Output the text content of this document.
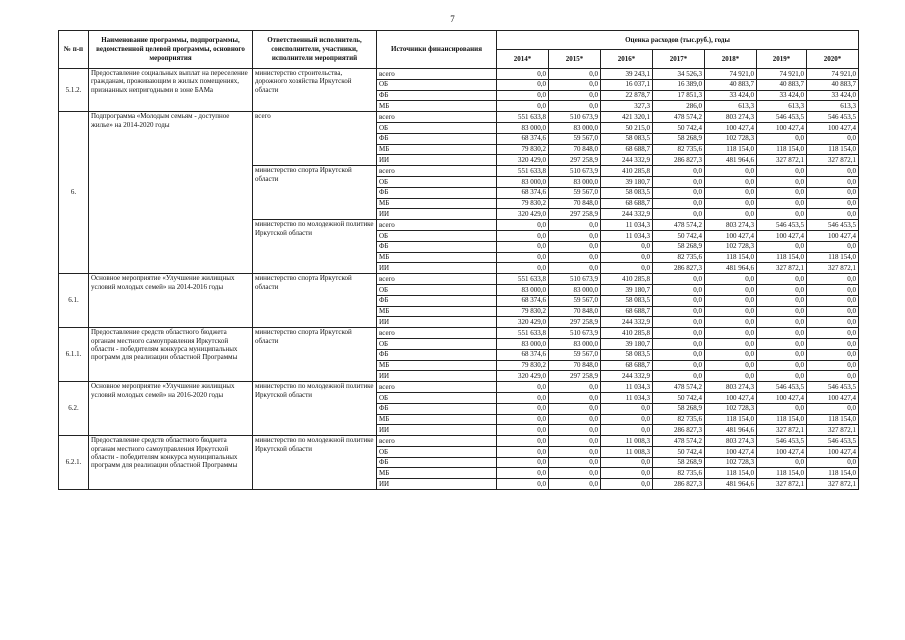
7
№ п-п	Наименование программы, подпрограммы, ведомственной целевой программы, основного мероприятия	Ответственный исполнитель, соисполнители, участники, исполнители мероприятий	Источники финансирования	Оценка расходов (тыс.руб.), годы						
				2014*	2015*	2016*	2017*	2018*	2019*	2020*
5.1.2.	Предоставление социальных выплат на переселение гражданам, проживающим в жилых помещениях, признанных непригодными в зоне БАМа	министерство строительства, дорожного хозяйства Иркутской области	всего	0,0	0,0	39 243,1	34 526,3	74 921,0	74 921,0	74 921,0
			ОБ	0,0	0,0	16 037,1	16 389,0	40 883,7	40 883,7	40 883,7
			ФБ	0,0	0,0	22 878,7	17 851,3	33 424,0	33 424,0	33 424,0
			МБ	0,0	0,0	327,3	286,0	613,3	613,3	613,3
6.	Подпрограмма «Молодым семьям - доступное жилье» на 2014-2020 годы	всего	всего	551 633,8	510 673,9	421 320,1	478 574,2	803 274,3	546 453,5	546 453,5
			ОБ	83 000,0	83 000,0	50 215,0	50 742,4	100 427,4	100 427,4	100 427,4
			ФБ	68 374,6	59 567,0	58 083,5	58 268,9	102 728,3	0,0	0,0
			МБ	79 830,2	70 848,0	68 688,7	82 735,6	118 154,0	118 154,0	118 154,0
			ИИ	320 429,0	297 258,9	244 332,9	286 827,3	481 964,6	327 872,1	327 872,1
		министерство спорта Иркутской области	всего	551 633,8	510 673,9	410 285,8	0,0	0,0	0,0	0,0
			ОБ	83 000,0	83 000,0	39 180,7	0,0	0,0	0,0	0,0
			ФБ	68 374,6	59 567,0	58 083,5	0,0	0,0	0,0	0,0
			МБ	79 830,2	70 848,0	68 688,7	0,0	0,0	0,0	0,0
			ИИ	320 429,0	297 258,9	244 332,9	0,0	0,0	0,0	0,0
		министерство по молодежной политике Иркутской области	всего	0,0	0,0	11 034,3	478 574,2	803 274,3	546 453,5	546 453,5
			ОБ	0,0	0,0	11 034,3	50 742,4	100 427,4	100 427,4	100 427,4
			ФБ	0,0	0,0	0,0	58 268,9	102 728,3	0,0	0,0
			МБ	0,0	0,0	0,0	82 735,6	118 154,0	118 154,0	118 154,0
			ИИ	0,0	0,0	0,0	286 827,3	481 964,6	327 872,1	327 872,1
6.1.	Основное мероприятие «Улучшение жилищных условий молодых семей» на 2014-2016 годы	министерство спорта Иркутской области	всего	551 633,8	510 673,9	410 285,8	0,0	0,0	0,0	0,0
			ОБ	83 000,0	83 000,0	39 180,7	0,0	0,0	0,0	0,0
			ФБ	68 374,6	59 567,0	58 083,5	0,0	0,0	0,0	0,0
			МБ	79 830,2	70 848,0	68 688,7	0,0	0,0	0,0	0,0
			ИИ	320 429,0	297 258,9	244 332,9	0,0	0,0	0,0	0,0
6.1.1.	Предоставление средств областного бюджета органам местного самоуправления Иркутской области - победителям конкурса муниципальных программ для реализации областной Программы	министерство спорта Иркутской области	всего	551 633,8	510 673,9	410 285,8	0,0	0,0	0,0	0,0
			ОБ	83 000,0	83 000,0	39 180,7	0,0	0,0	0,0	0,0
			ФБ	68 374,6	59 567,0	58 083,5	0,0	0,0	0,0	0,0
			МБ	79 830,2	70 848,0	68 688,7	0,0	0,0	0,0	0,0
			ИИ	320 429,0	297 258,9	244 332,9	0,0	0,0	0,0	0,0
6.2.	Основное мероприятие «Улучшение жилищных условий молодых семей» на 2016-2020 годы	министерство по молодежной политике Иркутской области	всего	0,0	0,0	11 034,3	478 574,2	803 274,3	546 453,5	546 453,5
			ОБ	0,0	0,0	11 034,3	50 742,4	100 427,4	100 427,4	100 427,4
			ФБ	0,0	0,0	0,0	58 268,9	102 728,3	0,0	0,0
			МБ	0,0	0,0	0,0	82 735,6	118 154,0	118 154,0	118 154,0
			ИИ	0,0	0,0	0,0	286 827,3	481 964,6	327 872,1	327 872,1
6.2.1.	Предоставление средств областного бюджета органам местного самоуправления Иркутской области - победителям конкурса муниципальных программ для реализации областной Программы	министерство по молодежной политике Иркутской области	всего	0,0	0,0	11 008,3	478 574,2	803 274,3	546 453,5	546 453,5
			ОБ	0,0	0,0	11 008,3	50 742,4	100 427,4	100 427,4	100 427,4
			ФБ	0,0	0,0	0,0	58 268,9	102 728,3	0,0	0,0
			МБ	0,0	0,0	0,0	82 735,6	118 154,0	118 154,0	118 154,0
			ИИ	0,0	0,0	0,0	286 827,3	481 964,6	327 872,1	327 872,1
